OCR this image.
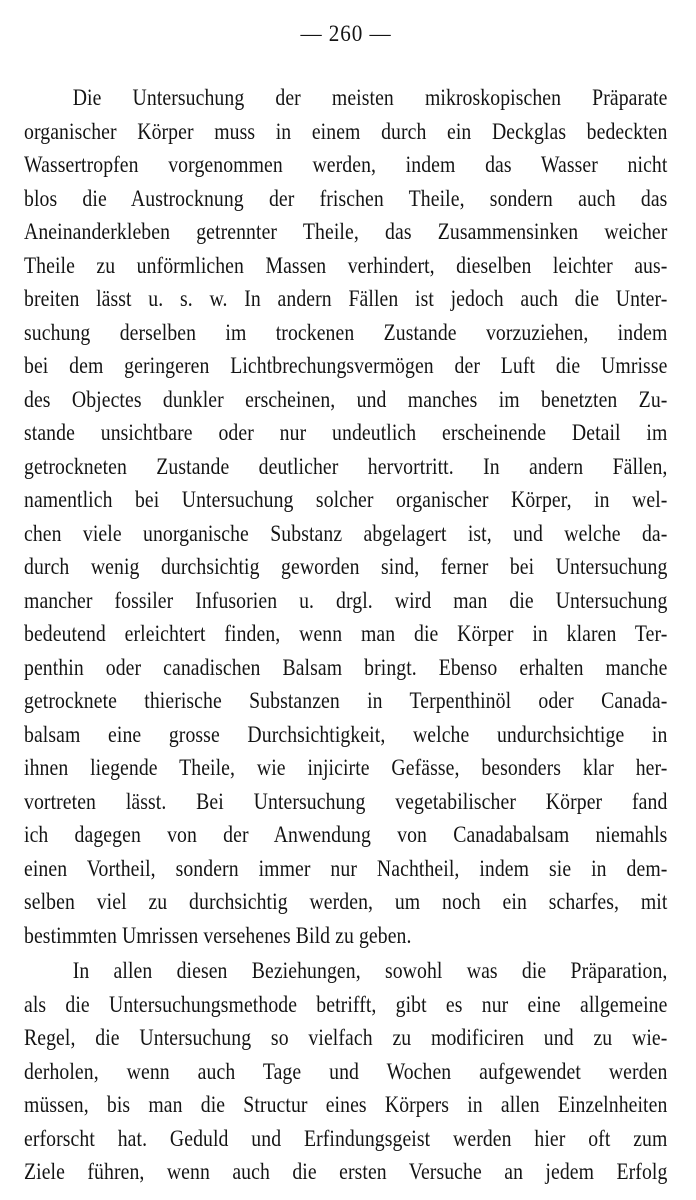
— 260 —
Die Untersuchung der meisten mikroskopischen Präparate
organischer Körper muss in einem durch ein Deckglas bedeckten
Wassertropfen vorgenommen werden, indem das Wasser nicht
blos die Austrocknung der frischen Theile, sondern auch das
Aneinanderkleben getrennter Theile, das Zusammensinken weicher
Theile zu unförmlichen Massen verhindert, dieselben leichter aus-
breiten lässt u. s. w. In andern Fällen ist jedoch auch die Unter-
suchung derselben im trockenen Zustande vorzuziehen, indem
bei dem geringeren Lichtbrechungsvermögen der Luft die Umrisse
des Objectes dunkler erscheinen, und manches im benetzten Zu-
stande unsichtbare oder nur undeutlich erscheinende Detail im
getrockneten Zustande deutlicher hervortritt. In andern Fällen,
namentlich bei Untersuchung solcher organischer Körper, in wel-
chen viele unorganische Substanz abgelagert ist, und welche da-
durch wenig durchsichtig geworden sind, ferner bei Untersuchung
mancher fossiler Infusorien u. drgl. wird man die Untersuchung
bedeutend erleichtert finden, wenn man die Körper in klaren Ter-
penthin oder canadischen Balsam bringt. Ebenso erhalten manche
getrocknete thierische Substanzen in Terpenthinöl oder Canada-
balsam eine grosse Durchsichtigkeit, welche undurchsichtige in
ihnen liegende Theile, wie injicirte Gefässe, besonders klar her-
vortreten lässt. Bei Untersuchung vegetabilischer Körper fand
ich dagegen von der Anwendung von Canadabalsam niemahls
einen Vortheil, sondern immer nur Nachtheil, indem sie in dem-
selben viel zu durchsichtig werden, um noch ein scharfes, mit
bestimmten Umrissen versehenes Bild zu geben.
In allen diesen Beziehungen, sowohl was die Präparation,
als die Untersuchungsmethode betrifft, gibt es nur eine allgemeine
Regel, die Untersuchung so vielfach zu modificiren und zu wie-
derholen, wenn auch Tage und Wochen aufgewendet werden
müssen, bis man die Structur eines Körpers in allen Einzelnheiten
erforscht hat. Geduld und Erfindungsgeist werden hier oft zum
Ziele führen, wenn auch die ersten Versuche an jedem Erfolg
